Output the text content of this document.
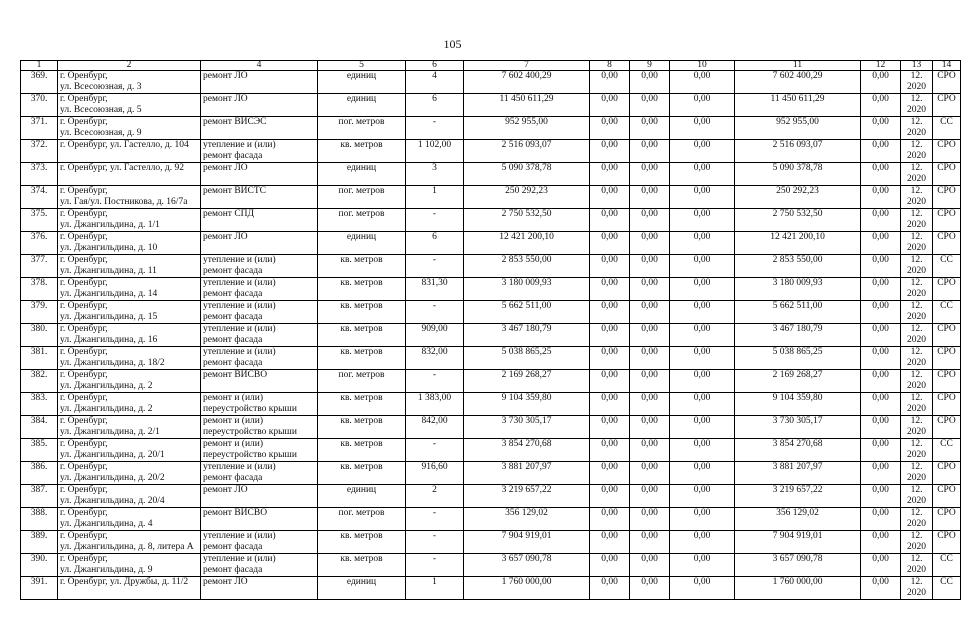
105
1	2	4	5	6	7	8	9	10	11	12	13	14
369.	г. Оренбург,
ул. Всесоюзная, д. 3	ремонт ЛО	единиц	4	7 602 400,29	0,00	0,00	0,00	7 602 400,29	0,00	12.
2020	СРО
370.	г. Оренбург,
ул. Всесоюзная, д. 5	ремонт ЛО	единиц	6	11 450 611,29	0,00	0,00	0,00	11 450 611,29	0,00	12.
2020	СРО
371.	г. Оренбург,
ул. Всесоюзная, д. 9	ремонт ВИСЭС	пог. метров	-	952 955,00	0,00	0,00	0,00	952 955,00	0,00	12.
2020	СС
372.	г. Оренбург, ул. Гастелло, д. 104	утепление и (или)
ремонт фасада	кв. метров	1 102,00	2 516 093,07	0,00	0,00	0,00	2 516 093,07	0,00	12.
2020	СРО
373.	г. Оренбург, ул. Гастелло, д. 92	ремонт ЛО	единиц	3	5 090 378,78	0,00	0,00	0,00	5 090 378,78	0,00	12.
2020	СРО
374.	г. Оренбург,
ул. Гая/ул. Постникова, д. 16/7а	ремонт ВИСТС	пог. метров	1	250 292,23	0,00	0,00	0,00	250 292,23	0,00	12.
2020	СРО
375.	г. Оренбург,
ул. Джангильдина, д. 1/1	ремонт СПД	пог. метров	-	2 750 532,50	0,00	0,00	0,00	2 750 532,50	0,00	12.
2020	СРО
376.	г. Оренбург,
ул. Джангильдина, д. 10	ремонт ЛО	единиц	6	12 421 200,10	0,00	0,00	0,00	12 421 200,10	0,00	12.
2020	СРО
377.	г. Оренбург,
ул. Джангильдина, д. 11	утепление и (или)
ремонт фасада	кв. метров	-	2 853 550,00	0,00	0,00	0,00	2 853 550,00	0,00	12.
2020	СС
378.	г. Оренбург,
ул. Джангильдина, д. 14	утепление и (или)
ремонт фасада	кв. метров	831,30	3 180 009,93	0,00	0,00	0,00	3 180 009,93	0,00	12.
2020	СРО
379.	г. Оренбург,
ул. Джангильдина, д. 15	утепление и (или)
ремонт фасада	кв. метров	-	5 662 511,00	0,00	0,00	0,00	5 662 511,00	0,00	12.
2020	СС
380.	г. Оренбург,
ул. Джангильдина, д. 16	утепление и (или)
ремонт фасада	кв. метров	909,00	3 467 180,79	0,00	0,00	0,00	3 467 180,79	0,00	12.
2020	СРО
381.	г. Оренбург,
ул. Джангильдина, д. 18/2	утепление и (или)
ремонт фасада	кв. метров	832,00	5 038 865,25	0,00	0,00	0,00	5 038 865,25	0,00	12.
2020	СРО
382.	г. Оренбург,
ул. Джангильдина, д. 2	ремонт ВИСВО	пог. метров	-	2 169 268,27	0,00	0,00	0,00	2 169 268,27	0,00	12.
2020	СРО
383.	г. Оренбург,
ул. Джангильдина, д. 2	ремонт и (или)
переустройство крыши	кв. метров	1 383,00	9 104 359,80	0,00	0,00	0,00	9 104 359,80	0,00	12.
2020	СРО
384.	г. Оренбург,
ул. Джангильдина, д. 2/1	ремонт и (или)
переустройство крыши	кв. метров	842,00	3 730 305,17	0,00	0,00	0,00	3 730 305,17	0,00	12.
2020	СРО
385.	г. Оренбург,
ул. Джангильдина, д. 20/1	ремонт и (или)
переустройство крыши	кв. метров	-	3 854 270,68	0,00	0,00	0,00	3 854 270,68	0,00	12.
2020	СС
386.	г. Оренбург,
ул. Джангильдина, д. 20/2	утепление и (или)
ремонт фасада	кв. метров	916,60	3 881 207,97	0,00	0,00	0,00	3 881 207,97	0,00	12.
2020	СРО
387.	г. Оренбург,
ул. Джангильдина, д. 20/4	ремонт ЛО	единиц	2	3 219 657,22	0,00	0,00	0,00	3 219 657,22	0,00	12.
2020	СРО
388.	г. Оренбург,
ул. Джангильдина, д. 4	ремонт ВИСВО	пог. метров	-	356 129,02	0,00	0,00	0,00	356 129,02	0,00	12.
2020	СРО
389.	г. Оренбург,
ул. Джангильдина, д. 8, литера А	утепление и (или)
ремонт фасада	кв. метров	-	7 904 919,01	0,00	0,00	0,00	7 904 919,01	0,00	12.
2020	СРО
390.	г. Оренбург,
ул. Джангильдина, д. 9	утепление и (или)
ремонт фасада	кв. метров	-	3 657 090,78	0,00	0,00	0,00	3 657 090,78	0,00	12.
2020	СС
391.	г. Оренбург, ул. Дружбы, д. 11/2	ремонт ЛО	единиц	1	1 760 000,00	0,00	0,00	0,00	1 760 000,00	0,00	12.
2020	СС
